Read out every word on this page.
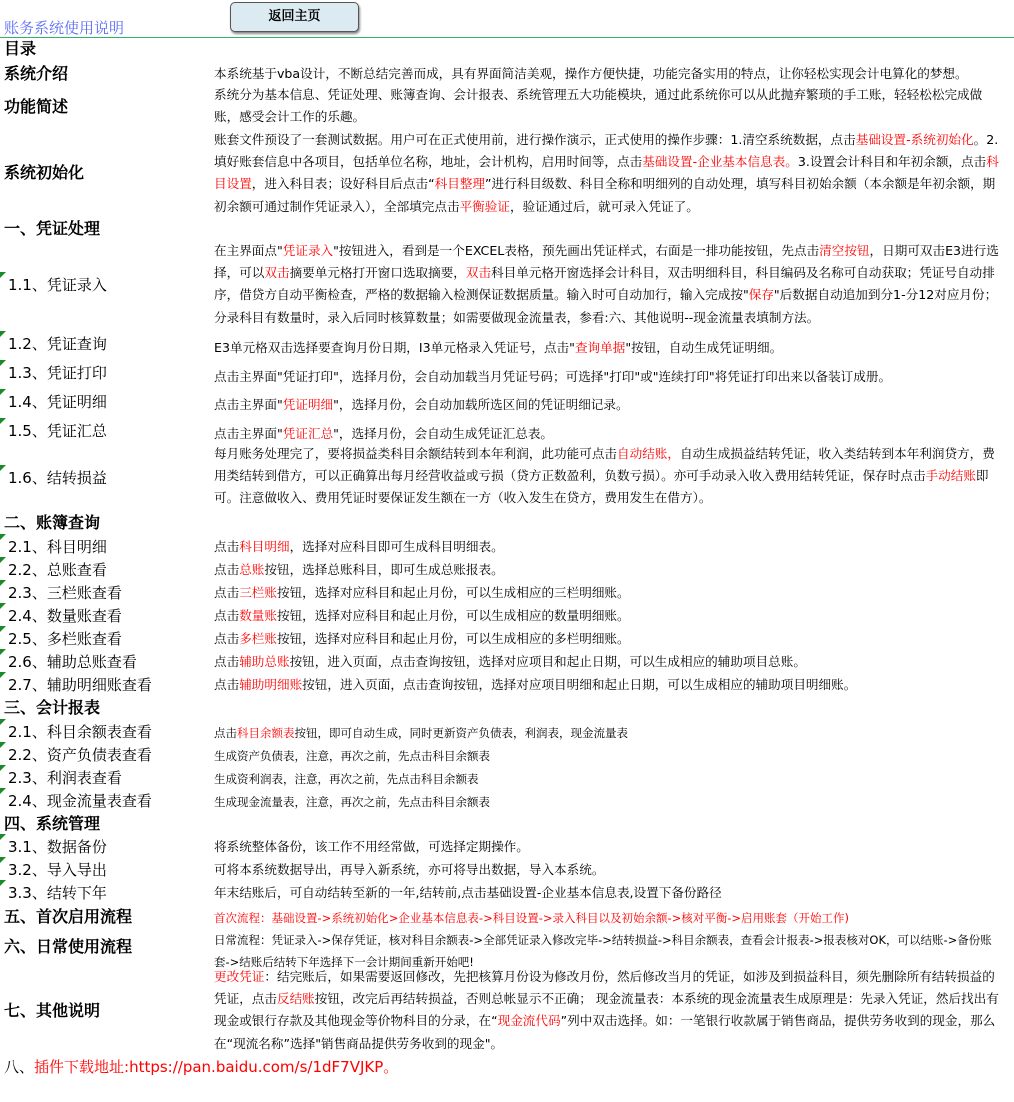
账务系统使用说明
返回主页
目录
系统介绍
功能简述
系统初始化
一、凭证处理
二、账簿查询
三、会计报表
四、系统管理
五、首次启用流程
六、日常使用流程
七、其他说明
1.1、凭证录入
1.2、凭证查询
1.3、凭证打印
1.4、凭证明细
1.5、凭证汇总
1.6、结转损益
2.1、科目明细
2.2、总账查看
2.3、三栏账查看
2.4、数量账查看
2.5、多栏账查看
2.6、辅助总账查看
2.7、辅助明细账查看
2.1、科目余额表查看
2.2、资产负债表查看
2.3、利润表查看
2.4、现金流量表查看
3.1、数据备份
3.2、导入导出
3.3、结转下年
本系统基于vba设计，不断总结完善而成，具有界面简洁美观，操作方便快捷，功能完备实用的特点，让你轻松实现会计电算化的梦想。
系统分为基本信息、凭证处理、账簿查询、会计报表、系统管理五大功能模块，通过此系统你可以从此抛弃繁琐的手工账，轻轻松松完成做账，感受会计工作的乐趣。
账套文件预设了一套测试数据。用户可在正式使用前，进行操作演示，正式使用的操作步骤：1.清空系统数据，点击基础设置-系统初始化。2.填好账套信息中各项目，包括单位名称，地址，会计机构，启用时间等，点击基础设置-企业基本信息表。3.设置会计科目和年初余额，点击科目设置，进入科目表；设好科目后点击“科目整理”进行科目级数、科目全称和明细列的自动处理，填写科目初始余额（本余额是年初余额，期初余额可通过制作凭证录入），全部填完点击平衡验证，验证通过后，就可录入凭证了。
在主界面点"凭证录入"按钮进入，看到是一个EXCEL表格，预先画出凭证样式，右面是一排功能按钮，先点击清空按钮，日期可双击E3进行选择，可以双击摘要单元格打开窗口选取摘要，双击科目单元格开窗选择会计科目，双击明细科目，科目编码及名称可自动获取；凭证号自动排序，借贷方自动平衡检查，严格的数据输入检测保证数据质量。输入时可自动加行，输入完成按"保存"后数据自动追加到分1-分12对应月份；分录科目有数量时，录入后同时核算数量；如需要做现金流量表，参看:六、其他说明--现金流量表填制方法。
E3单元格双击选择要查询月份日期，I3单元格录入凭证号，点击"查询单据"按钮，自动生成凭证明细。
点击主界面"凭证打印"，选择月份，会自动加载当月凭证号码；可选择"打印"或"连续打印"将凭证打印出来以备装订成册。
点击主界面"凭证明细"，选择月份，会自动加载所选区间的凭证明细记录。
点击主界面"凭证汇总"，选择月份，会自动生成凭证汇总表。
每月账务处理完了，要将损益类科目余额结转到本年利润，此功能可点击自动结账，自动生成损益结转凭证，收入类结转到本年利润贷方，费用类结转到借方，可以正确算出每月经营收益或亏损（贷方正数盈利，负数亏损）。亦可手动录入收入费用结转凭证，保存时点击手动结账即可。注意做收入、费用凭证时要保证发生额在一方（收入发生在贷方，费用发生在借方）。
点击科目明细，选择对应科目即可生成科目明细表。
点击总账按钮，选择总账科目，即可生成总账报表。
点击三栏账按钮，选择对应科目和起止月份，可以生成相应的三栏明细账。
点击数量账按钮，选择对应科目和起止月份，可以生成相应的数量明细账。
点击多栏账按钮，选择对应科目和起止月份，可以生成相应的多栏明细账。
点击辅助总账按钮，进入页面，点击查询按钮，选择对应项目和起止日期，可以生成相应的辅助项目总账。
点击辅助明细账按钮，进入页面，点击查询按钮，选择对应项目明细和起止日期，可以生成相应的辅助项目明细账。
点击科目余额表按钮，即可自动生成，同时更新资产负债表，利润表，现金流量表
生成资产负债表，注意，再次之前，先点击科目余额表
生成资利润表，注意，再次之前，先点击科目余额表
生成现金流量表，注意，再次之前，先点击科目余额表
将系统整体备份，该工作不用经常做，可选择定期操作。
可将本系统数据导出，再导入新系统，亦可将导出数据，导入本系统。
年末结账后，可自动结转至新的一年,结转前,点击基础设置-企业基本信息表,设置下备份路径
首次流程：基础设置->系统初始化>企业基本信息表->科目设置->录入科目以及初始余额->核对平衡->启用账套（开始工作)
日常流程：凭证录入->保存凭证，核对科目余额表->全部凭证录入修改完毕->结转损益->科目余额表，查看会计报表->报表核对OK，可以结账->备份账套->结账后结转下年选择下一会计期间重新开始吧!
更改凭证：结完账后，如果需要返回修改，先把核算月份设为修改月份，然后修改当月的凭证，如涉及到损益科目，须先删除所有结转损益的凭证，点击反结账按钮，改完后再结转损益，否则总帐显示不正确； 现金流量表：本系统的现金流量表生成原理是：先录入凭证，然后找出有现金或银行存款及其他现金等价物科目的分录，在“现金流代码”列中双击选择。如：一笔银行收款属于销售商品，提供劳务收到的现金，那么在“现流名称”选择"销售商品提供劳务收到的现金"。
八、插件下载地址:https://pan.baidu.com/s/1dF7VJKP。
